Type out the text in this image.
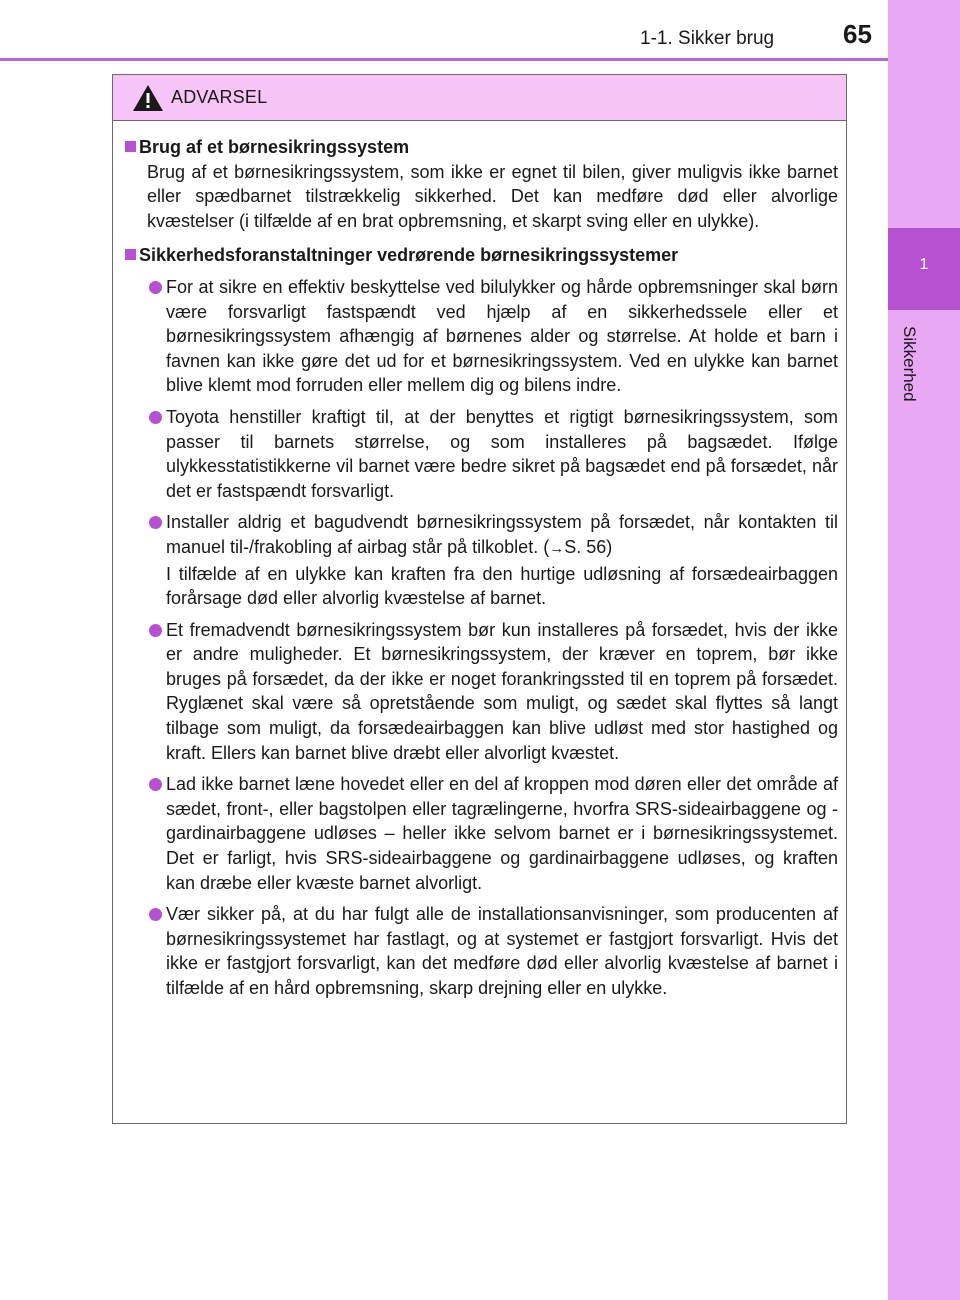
1-1. Sikker brug	65
1
Sikkerhed
ADVARSEL
Brug af et børnesikringssystem
Brug af et børnesikringssystem, som ikke er egnet til bilen, giver muligvis ikke barnet eller spædbarnet tilstrækkelig sikkerhed. Det kan medføre død eller alvorlige kvæstelser (i tilfælde af en brat opbremsning, et skarpt sving eller en ulykke).
Sikkerhedsforanstaltninger vedrørende børnesikringssystemer
For at sikre en effektiv beskyttelse ved bilulykker og hårde opbremsninger skal børn være forsvarligt fastspændt ved hjælp af en sikkerhedssele eller et børnesikringssystem afhængig af børnenes alder og størrelse. At holde et barn i favnen kan ikke gøre det ud for et børnesikringssystem. Ved en ulykke kan barnet blive klemt mod forruden eller mellem dig og bilens indre.
Toyota henstiller kraftigt til, at der benyttes et rigtigt børnesikringssystem, som passer til barnets størrelse, og som installeres på bagsædet. Ifølge ulykkesstatistikkerne vil barnet være bedre sikret på bagsædet end på forsædet, når det er fastspændt forsvarligt.
Installer aldrig et bagudvendt børnesikringssystem på forsædet, når kontakten til manuel til-/frakobling af airbag står på tilkoblet. (→S. 56)
I tilfælde af en ulykke kan kraften fra den hurtige udløsning af forsædeairbaggen forårsage død eller alvorlig kvæstelse af barnet.
Et fremadvendt børnesikringssystem bør kun installeres på forsædet, hvis der ikke er andre muligheder. Et børnesikringssystem, der kræver en toprem, bør ikke bruges på forsædet, da der ikke er noget forankringssted til en toprem på forsædet. Ryglænet skal være så opretstående som muligt, og sædet skal flyttes så langt tilbage som muligt, da forsædeairbaggen kan blive udløst med stor hastighed og kraft. Ellers kan barnet blive dræbt eller alvorligt kvæstet.
Lad ikke barnet læne hovedet eller en del af kroppen mod døren eller det område af sædet, front-, eller bagstolpen eller tagrælingerne, hvorfra SRS-sideairbaggene og -gardinairbaggene udløses – heller ikke selvom barnet er i børnesikringssystemet. Det er farligt, hvis SRS-sideairbaggene og gardinairbaggene udløses, og kraften kan dræbe eller kvæste barnet alvorligt.
Vær sikker på, at du har fulgt alle de installationsanvisninger, som producenten af børnesikringssystemet har fastlagt, og at systemet er fastgjort forsvarligt. Hvis det ikke er fastgjort forsvarligt, kan det medføre død eller alvorlig kvæstelse af barnet i tilfælde af en hård opbremsning, skarp drejning eller en ulykke.
